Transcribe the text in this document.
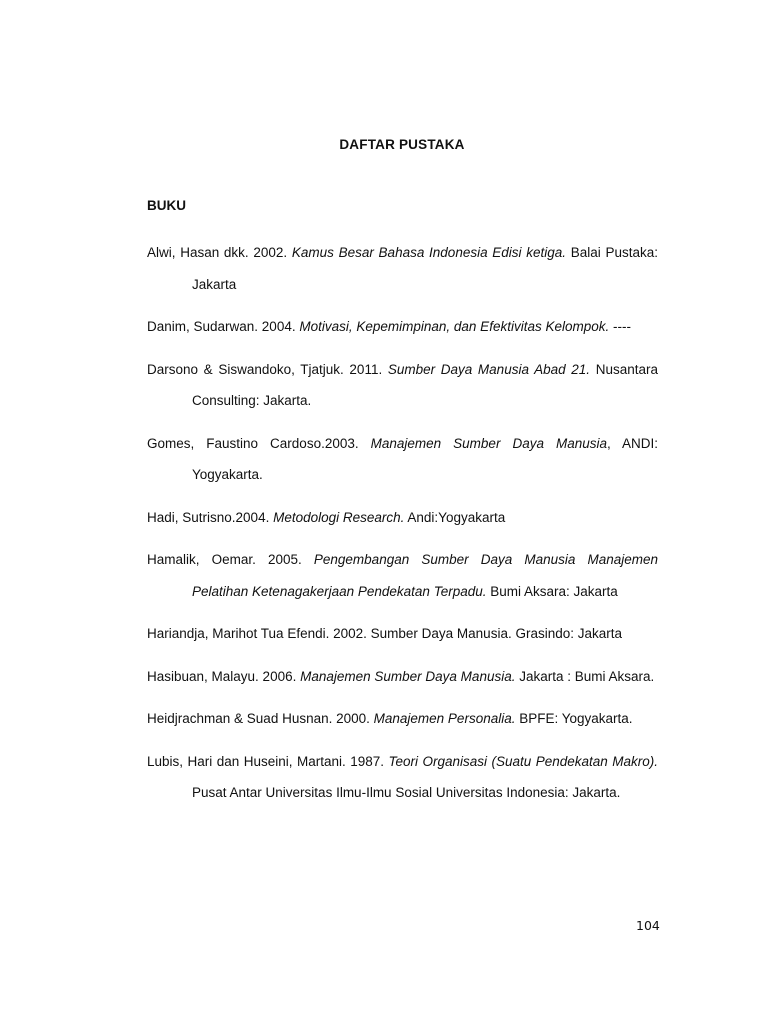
DAFTAR PUSTAKA
BUKU

Alwi, Hasan dkk. 2002. Kamus Besar Bahasa Indonesia Edisi ketiga. Balai Pustaka: Jakarta

Danim, Sudarwan. 2004. Motivasi, Kepemimpinan, dan Efektivitas Kelompok. ----

Darsono & Siswandoko, Tjatjuk. 2011. Sumber Daya Manusia Abad 21. Nusantara Consulting: Jakarta.

Gomes, Faustino Cardoso.2003. Manajemen Sumber Daya Manusia, ANDI: Yogyakarta.

Hadi, Sutrisno.2004. Metodologi Research. Andi:Yogyakarta

Hamalik, Oemar. 2005. Pengembangan Sumber Daya Manusia Manajemen Pelatihan Ketenagakerjaan Pendekatan Terpadu. Bumi Aksara: Jakarta

Hariandja, Marihot Tua Efendi. 2002. Sumber Daya Manusia. Grasindo: Jakarta

Hasibuan, Malayu. 2006. Manajemen Sumber Daya Manusia. Jakarta : Bumi Aksara.

Heidjrachman & Suad Husnan. 2000. Manajemen Personalia. BPFE: Yogyakarta.

Lubis, Hari dan Huseini, Martani. 1987. Teori Organisasi (Suatu Pendekatan Makro). Pusat Antar Universitas Ilmu-Ilmu Sosial Universitas Indonesia: Jakarta.

104
